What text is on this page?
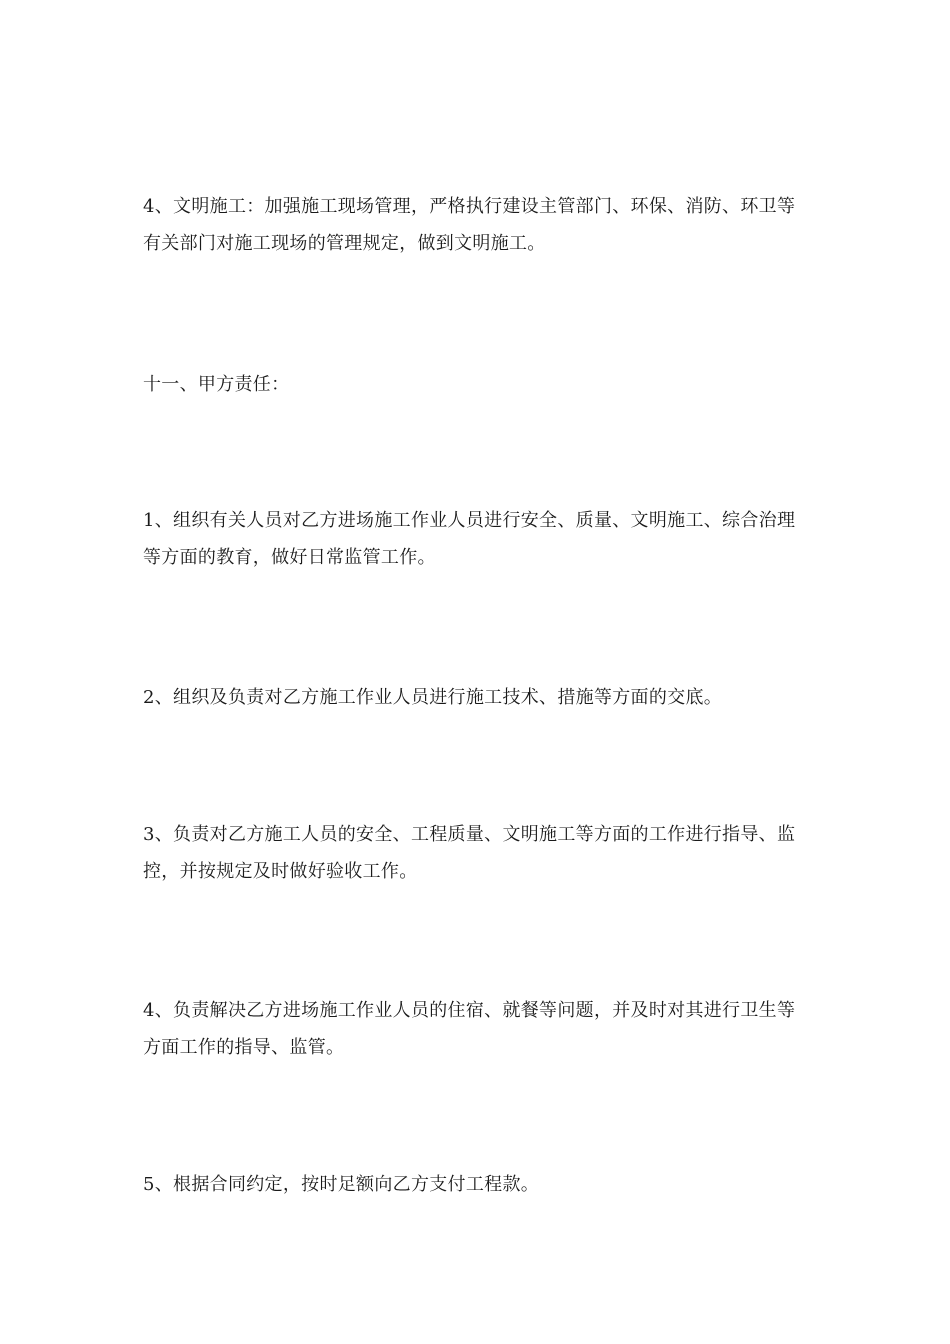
4、文明施工：加强施工现场管理，严格执行建设主管部门、环保、消防、环卫等有关部门对施工现场的管理规定，做到文明施工。

十一、甲方责任：

1、组织有关人员对乙方进场施工作业人员进行安全、质量、文明施工、综合治理等方面的教育，做好日常监管工作。

2、组织及负责对乙方施工作业人员进行施工技术、措施等方面的交底。

3、负责对乙方施工人员的安全、工程质量、文明施工等方面的工作进行指导、监控，并按规定及时做好验收工作。

4、负责解决乙方进场施工作业人员的住宿、就餐等问题，并及时对其进行卫生等方面工作的指导、监管。

5、根据合同约定，按时足额向乙方支付工程款。
